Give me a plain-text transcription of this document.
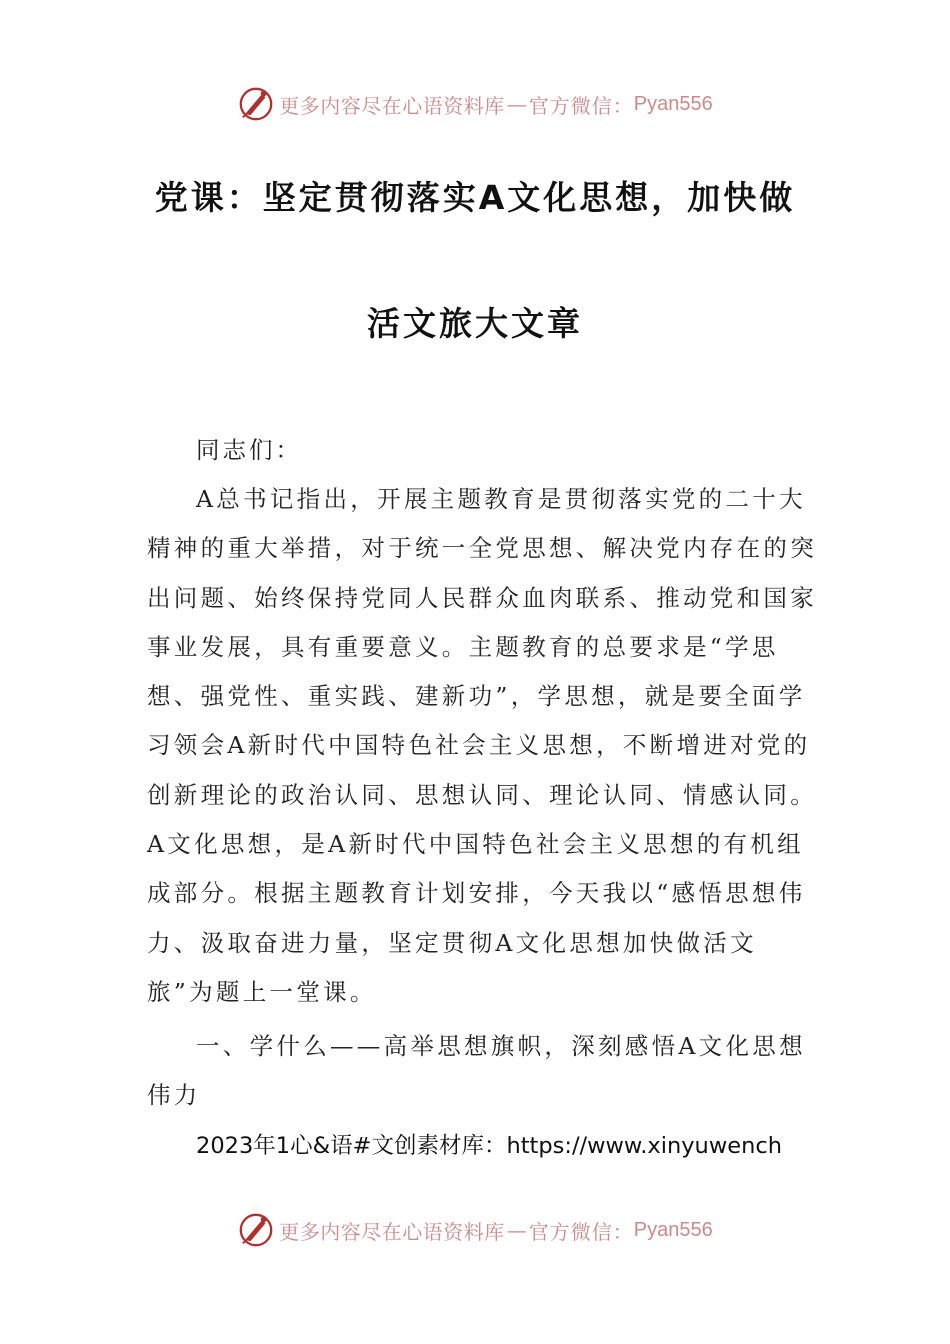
更多内容尽在心语资料库 — 官方微信： Pyan556
党课：坚定贯彻落实A文化思想，加快做
活文旅大文章
同志们：

A总书记指出，开展主题教育是贯彻落实党的二十大精神的重大举措，对于统一全党思想、解决党内存在的突出问题、始终保持党同人民群众血肉联系、推动党和国家事业发展，具有重要意义。主题教育的总要求是“学思想、强党性、重实践、建新功”，学思想，就是要全面学习领会A新时代中国特色社会主义思想，不断增进对党的创新理论的政治认同、思想认同、理论认同、情感认同。A文化思想，是A新时代中国特色社会主义思想的有机组成部分。根据主题教育计划安排，今天我以“感悟思想伟力、汲取奋进力量，坚定贯彻A文化思想加快做活文旅”为题上一堂课。

一、学什么——高举思想旗帜，深刻感悟A文化思想伟力

2023年1心&语#文创素材库：https://www.xinyuwench
更多内容尽在心语资料库 — 官方微信： Pyan556
